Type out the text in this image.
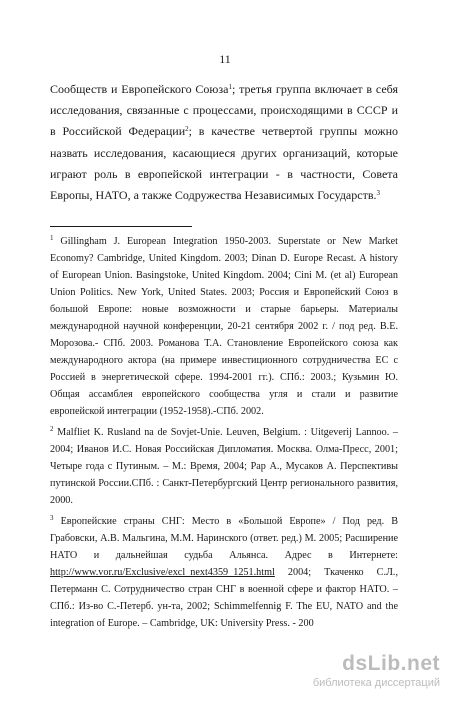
11

Сообществ и Европейского Союза$^1$; третья группа включает в себя исследования, связанные с процессами, происходящими в СССР и в Российской Федерации$^2$; в качестве четвертой группы можно назвать исследования, касающиеся других организаций, которые играют роль в европейской интеграции - в частности, Совета Европы, НАТО, а также Содружества Независимых Государств.$^3$

$^1$ Gillingham J. European Integration 1950-2003. Superstate or New Market Economy? Cambridge, United Kingdom. 2003; Dinan D. Europe Recast. A history of European Union. Basingstoke, United Kingdom. 2004; Cini M. (et al) European Union Politics. New York, United States. 2003; Россия и Европейский Союз в большой Европе: новые возможности и старые барьеры. Материалы международной научной конференции, 20-21 сентября 2002 г. / под ред. В.Е. Морозова.- СПб. 2003. Романова Т.А. Становление Европейского союза как международного актора (на примере инвестиционного сотрудничества ЕС с Россией в энергетической сфере. 1994-2001 гг.). СПб.: 2003.; Кузьмин Ю. Общая ассамблея европейского сообщества угля и стали и развитие европейской интеграции (1952-1958).-СПб. 2002.

$^2$ Malfliet K. Rusland na de Sovjet-Unie. Leuven, Belgium. : Uitgeverij Lannoo. – 2004; Иванов И.С. Новая Российская Дипломатия. Москва. Олма-Пресс, 2001; Четыре года с Путиным. – М.: Время, 2004; Рар А., Мусаков А. Перспективы путинской России.СПб. : Санкт-Петербургский Центр регионального развития, 2000.

$^3$ Европейские страны СНГ: Место в «Большой Европе» / Под ред. В Грабовски, А.В. Мальгина, М.М. Наринского (ответ. ред.) М. 2005; Расширение НАТО и дальнейшая судьба Альянса. Адрес в Интернете: http://www.vor.ru/Exclusive/excl_next4359_1251.html 2004; Ткаченко С.Л., Петерманн С. Сотрудничество стран СНГ в военной сфере и фактор НАТО. – СПб.: Из-во С.-Петерб. ун-та, 2002; Schimmelfennig F. The EU, NATO and the integration of Europe. – Cambridge, UK: University Press. - 200

dsLib.net
библиотека диссертаций
